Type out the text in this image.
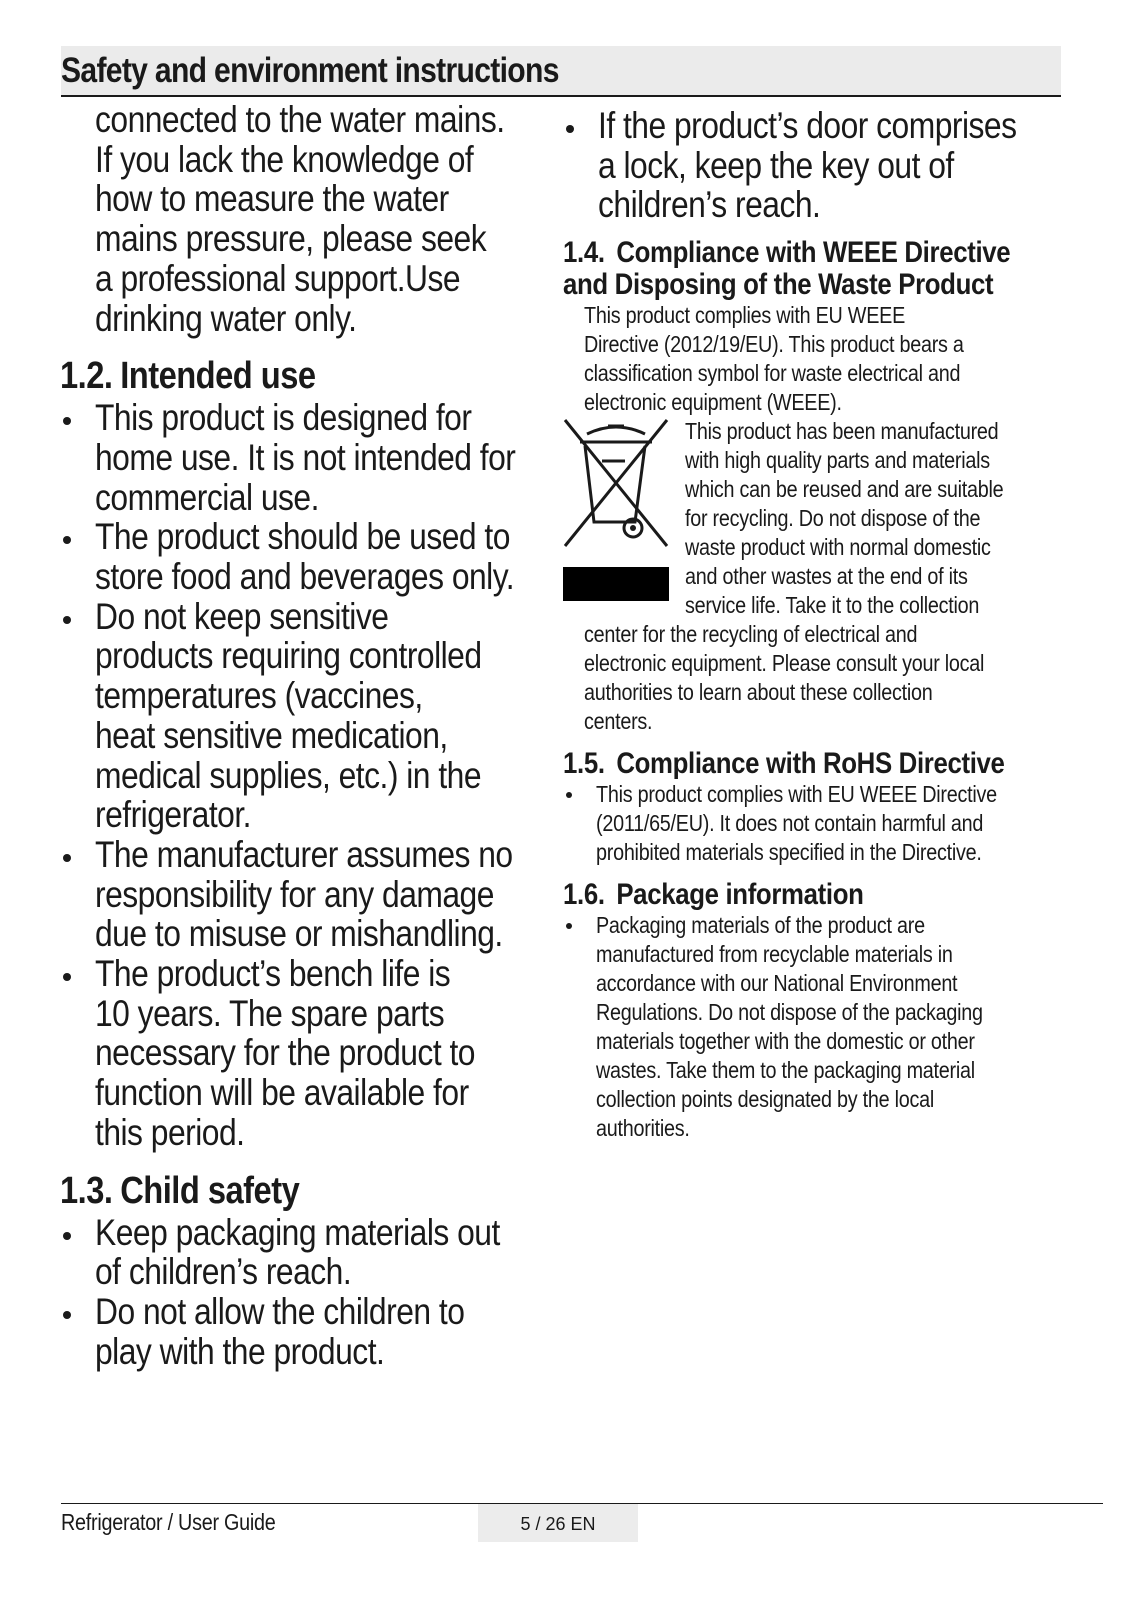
Safety and environment instructions

connected to the water mains.

If you lack the knowledge of

how to measure the water

mains pressure, please seek

a professional support.Use

drinking water only.

1.2. Intended use
This product is designed for
home use. It is not intended for
commercial use.
The product should be used to
store food and beverages only.
Do not keep sensitive
products requiring controlled
temperatures (vaccines,
heat sensitive medication,
medical supplies, etc.) in the
refrigerator.
The manufacturer assumes no
responsibility for any damage
due to misuse or mishandling.
The product’s bench life is
10 years. The spare parts
necessary for the product to
function will be available for
this period.
1.3. Child safety
Keep packaging materials out
of children’s reach.
Do not allow the children to
play with the product.
If the product’s door comprises
a lock, keep the key out of
children’s reach.
1.4. Compliance with WEEE Directive
and Disposing of the Waste Product

This product complies with EU WEEE

Directive (2012/19/EU). This product bears a

classification symbol for waste electrical and

electronic equipment (WEEE).

This product has been manufactured

with high quality parts and materials

which can be reused and are suitable

for recycling. Do not dispose of the

waste product with normal domestic

and other wastes at the end of its

service life. Take it to the collection

center for the recycling of electrical and

electronic equipment. Please consult your local

authorities to learn about these collection

centers.

1.5. Compliance with RoHS Directive
This product complies with EU WEEE Directive
(2011/65/EU). It does not contain harmful and
prohibited materials specified in the Directive.
1.6. Package information
Packaging materials of the product are
manufactured from recyclable materials in
accordance with our National Environment
Regulations. Do not dispose of the packaging
materials together with the domestic or other
wastes. Take them to the packaging material
collection points designated by the local
authorities.

Refrigerator / User Guide	5 / 26 EN
